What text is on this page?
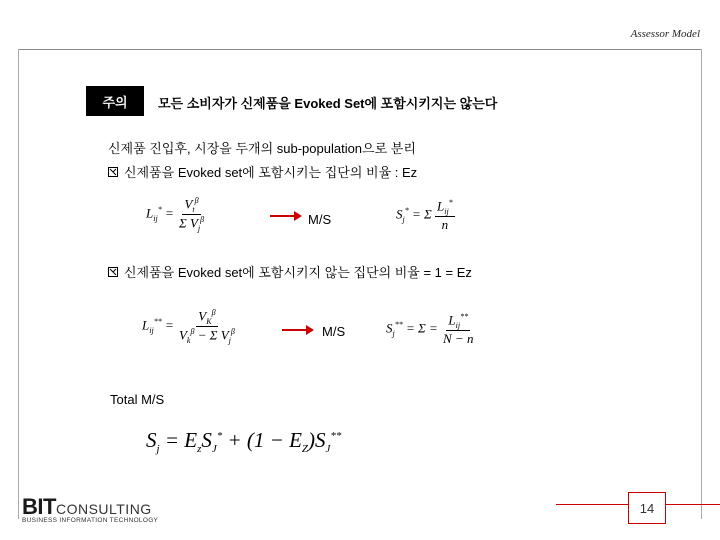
Assessor Model
주의	모든 소비자가 신제품을 Evoked Set에 포함시키지는 않는다
신제품 진입후, 시장을 두개의 sub-population으로 분리
신제품을 Evoked set에 포함시키는 집단의 비율 : Ez
$L_{ij}^* = \frac{V_t^\beta}{\Sigma V_j^\beta}$	M/S	$S_j^* = \Sigma \frac{L_{ij}^*}{n}$
신제품을 Evoked set에 포함시키지 않는 집단의 비율 = 1 = Ez
$L_{ij}^{**} = \frac{V_K^\beta}{V_k^\beta - \Sigma V_j^\beta}$	M/S	$S_j^{**} = \Sigma = \frac{L_{ij}^{**}}{N - n}$
Total M/S
$S_j = E_zS_J^* + (1 - E_Z)S_J^{**}$
BITCONSULTING
BUSINESS INFORMATION TECHNOLOGY
14
